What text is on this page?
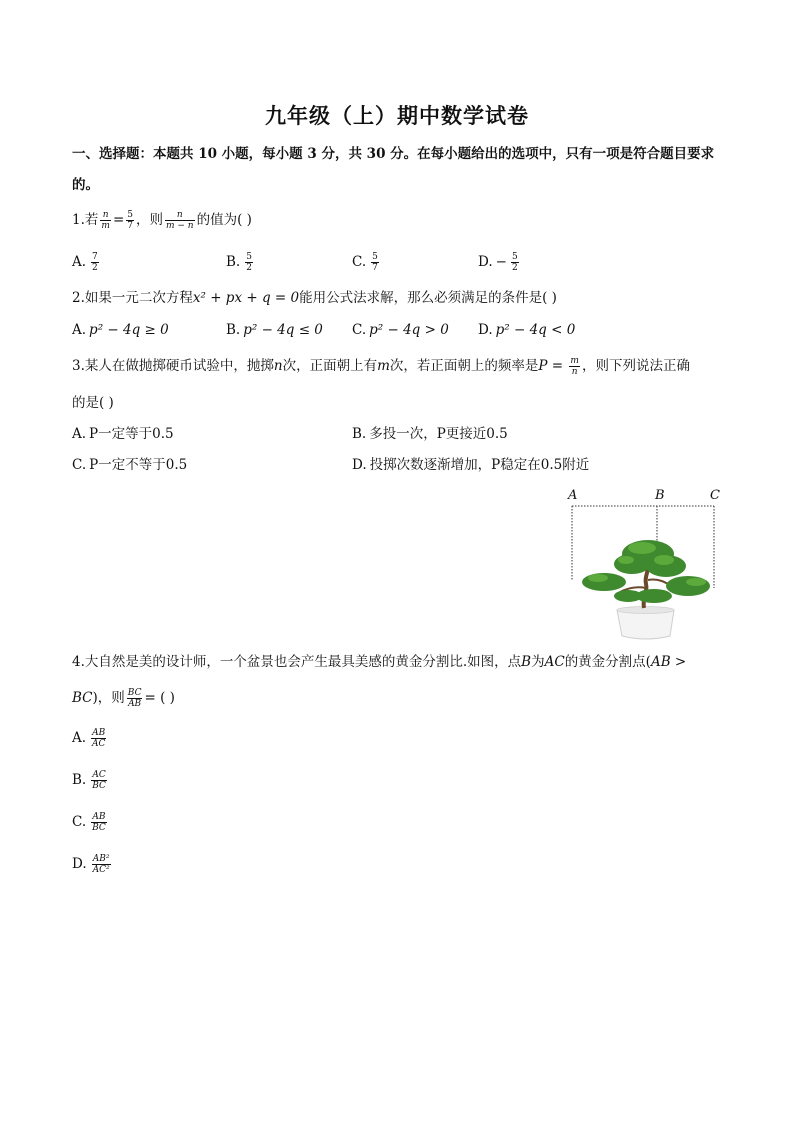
九年级（上）期中数学试卷
一、选择题：本题共 10 小题，每小题 3 分，共 30 分。在每小题给出的选项中，只有一项是符合题目要求
的。
1.若 $\frac{n}{m} = \frac{5}{7}$ ，则 $\frac{n}{m - n}$ 的值为( )
A. $\frac{7}{2}$	B. $\frac{5}{2}$	C. $\frac{5}{7}$	D. − $\frac{5}{2}$
2.如果一元二次方程x² + px + q = 0能用公式法求解，那么必须满足的条件是( )
A. p² − 4q ≥ 0	B. p² − 4q ≤ 0 C. p² − 4q > 0 D. p² − 4q < 0
3.某人在做抛掷硬币试验中，抛掷n次，正面朝上有m次，若正面朝上的频率是$P = \frac{m}{n}$ ，则下列说法正确
的是( )
A. P一定等于0.5	B. 多投一次，P更接近0.5
C. P一定不等于0.5	D. 投掷次数逐渐增加，P稳定在0.5附近
A	B	C
4.大自然是美的设计师，一个盆景也会产生最具美感的黄金分割比.如图，点B为AC的黄金分割点(AB >
BC)，则 $\frac{BC}{AB}$ = ( )
A. $\frac{AB}{AC}$
B. $\frac{AC}{BC}$
C. $\frac{AB}{BC}$
D. $\frac{\text{AB²}}{\text{AC²}}$
